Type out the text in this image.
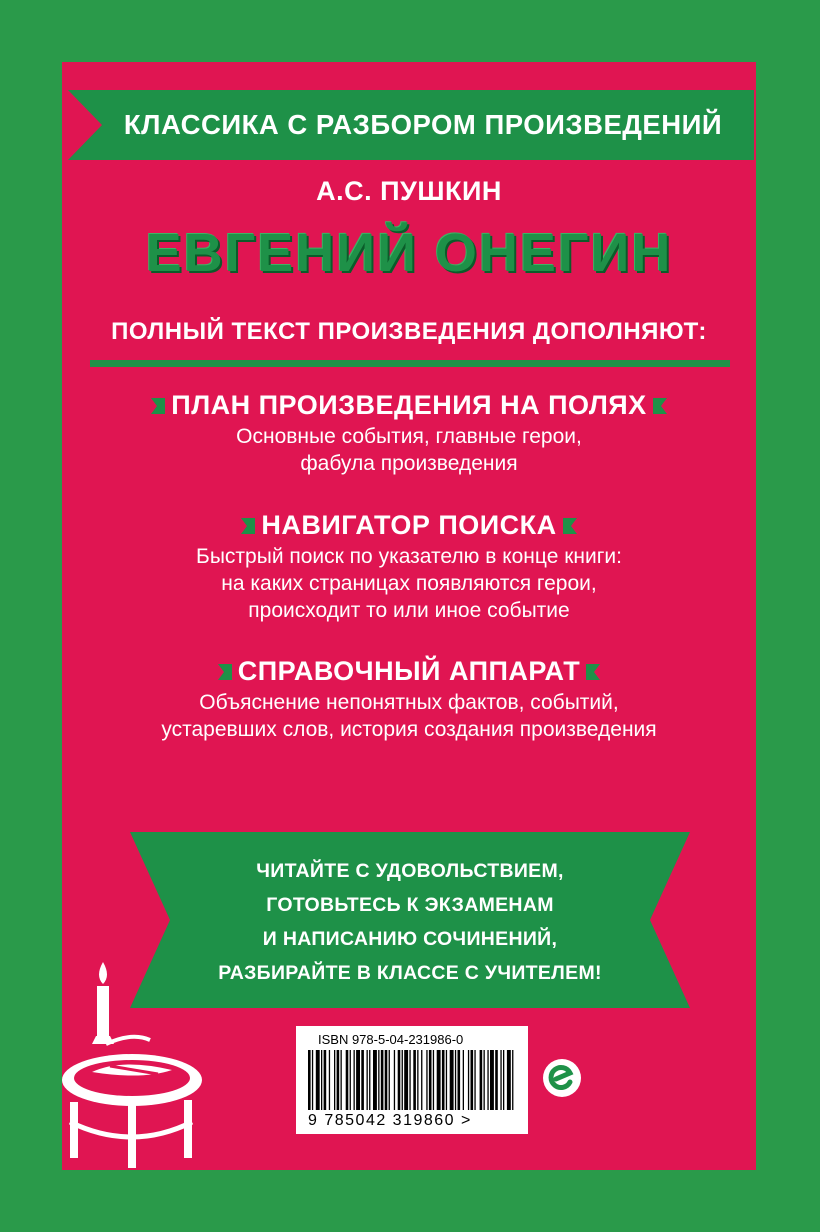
КЛАССИКА С РАЗБОРОМ ПРОИЗВЕДЕНИЙ
А.С. ПУШКИН
ЕВГЕНИЙ ОНЕГИН
ПОЛНЫЙ ТЕКСТ ПРОИЗВЕДЕНИЯ ДОПОЛНЯЮТ:
ПЛАН ПРОИЗВЕДЕНИЯ НА ПОЛЯХ
Основные события, главные герои,
фабула произведения
НАВИГАТОР ПОИСКА
Быстрый поиск по указателю в конце книги:
на каких страницах появляются герои,
происходит то или иное событие
СПРАВОЧНЫЙ АППАРАТ
Объяснение непонятных фактов, событий,
устаревших слов, история создания произведения
ЧИТАЙТЕ С УДОВОЛЬСТВИЕМ,
ГОТОВЬТЕСЬ К ЭКЗАМЕНАМ
И НАПИСАНИЮ СОЧИНЕНИЙ,
РАЗБИРАЙТЕ В КЛАССЕ С УЧИТЕЛЕМ!
ISBN 978-5-04-231986-0
9 785042 319860 >
